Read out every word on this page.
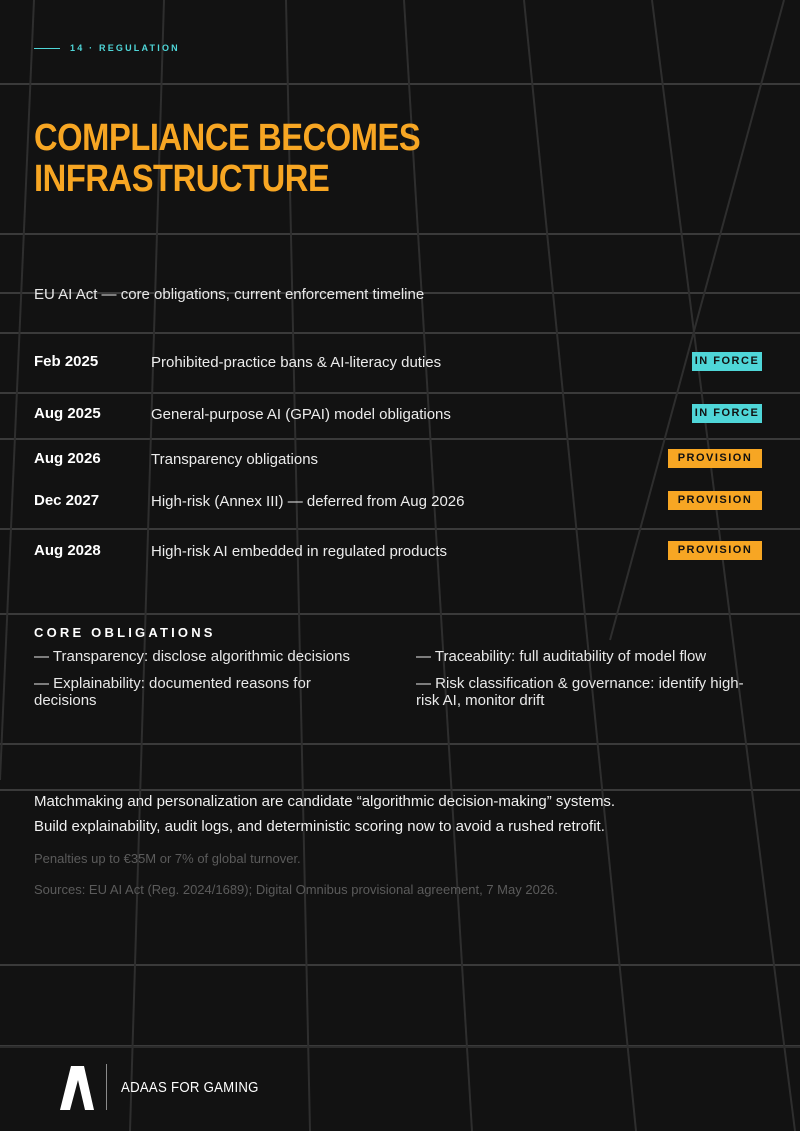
14 · REGULATION
COMPLIANCE BECOMES
INFRASTRUCTURE
EU AI Act — core obligations, current enforcement timeline
Feb 2025	Prohibited-practice bans & AI-literacy duties	IN FORCE
Aug 2025	General-purpose AI (GPAI) model obligations	IN FORCE
Aug 2026	Transparency obligations	PROVISION
Dec 2027	High-risk (Annex III) — deferred from Aug 2026	PROVISION
Aug 2028	High-risk AI embedded in regulated products	PROVISION
CORE OBLIGATIONS
— Transparency: disclose algorithmic decisions	— Traceability: full auditability of model flow
— Explainability: documented reasons for decisions
— Risk classification & governance: identify high-risk AI, monitor drift
Matchmaking and personalization are candidate “algorithmic decision-making” systems.
Build explainability, audit logs, and deterministic scoring now to avoid a rushed retrofit.
Penalties up to €35M or 7% of global turnover.
Sources: EU AI Act (Reg. 2024/1689); Digital Omnibus provisional agreement, 7 May 2026.
ADAAS FOR GAMING
